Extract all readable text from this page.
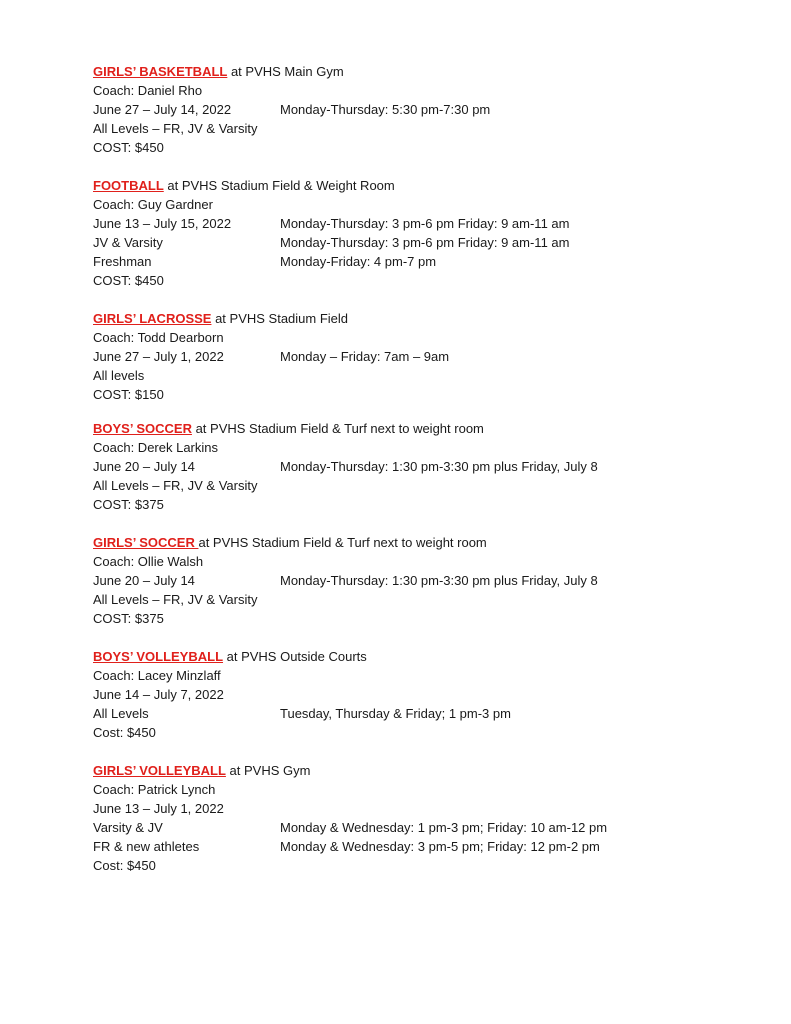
GIRLS’ BASKETBALL at PVHS Main Gym
Coach: Daniel Rho
June 27 – July 14, 2022	Monday-Thursday: 5:30 pm-7:30 pm
All Levels – FR, JV & Varsity
COST: $450
FOOTBALL at PVHS Stadium Field & Weight Room
Coach: Guy Gardner
June 13 – July 15, 2022	Monday-Thursday: 3 pm-6 pm Friday: 9 am-11 am
JV & Varsity	Monday-Thursday: 3 pm-6 pm Friday: 9 am-11 am
Freshman	Monday-Friday: 4 pm-7 pm
COST: $450
GIRLS’ LACROSSE at PVHS Stadium Field
Coach: Todd Dearborn
June 27 – July 1, 2022	Monday – Friday: 7am – 9am
All levels
COST: $150
BOYS’ SOCCER at PVHS Stadium Field & Turf next to weight room
Coach: Derek Larkins
June 20 – July 14	Monday-Thursday: 1:30 pm-3:30 pm plus Friday, July 8
All Levels – FR, JV & Varsity
COST: $375
GIRLS’ SOCCER at PVHS Stadium Field & Turf next to weight room
Coach: Ollie Walsh
June 20 – July 14	Monday-Thursday: 1:30 pm-3:30 pm plus Friday, July 8
All Levels – FR, JV & Varsity
COST: $375
BOYS’ VOLLEYBALL at PVHS Outside Courts
Coach: Lacey Minzlaff
June 14 – July 7, 2022
All Levels	Tuesday, Thursday & Friday; 1 pm-3 pm
Cost: $450
GIRLS’ VOLLEYBALL at PVHS Gym
Coach: Patrick Lynch
June 13 – July 1, 2022
Varsity & JV	Monday & Wednesday: 1 pm-3 pm; Friday: 10 am-12 pm
FR & new athletes	Monday & Wednesday: 3 pm-5 pm; Friday: 12 pm-2 pm
Cost: $450
